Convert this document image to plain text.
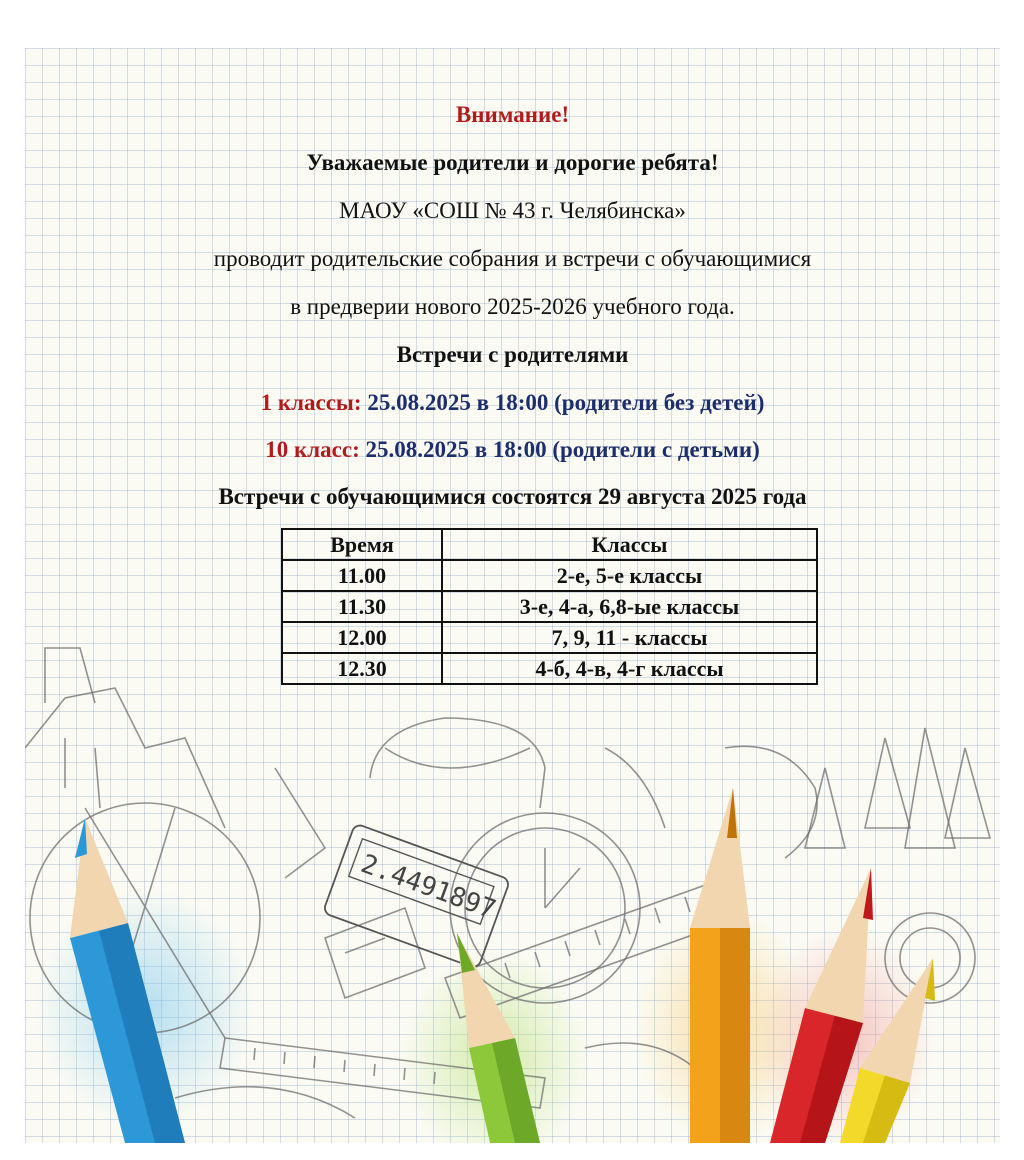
2.4491897
Внимание!
Уважаемые родители и дорогие ребята!
МАОУ «СОШ № 43 г. Челябинска»
проводит родительские собрания и встречи с обучающимися
в предверии нового 2025-2026 учебного года.
Встречи с родителями
1 классы: 25.08.2025 в 18:00 (родители без детей)
10 класс: 25.08.2025 в 18:00 (родители с детьми)
Встречи с обучающимися состоятся 29 августа 2025 года
Время	Классы
11.00	2-е, 5-е классы
11.30	3-е, 4-а, 6,8-ые классы
12.00	7, 9, 11 - классы
12.30	4-б, 4-в, 4-г классы
